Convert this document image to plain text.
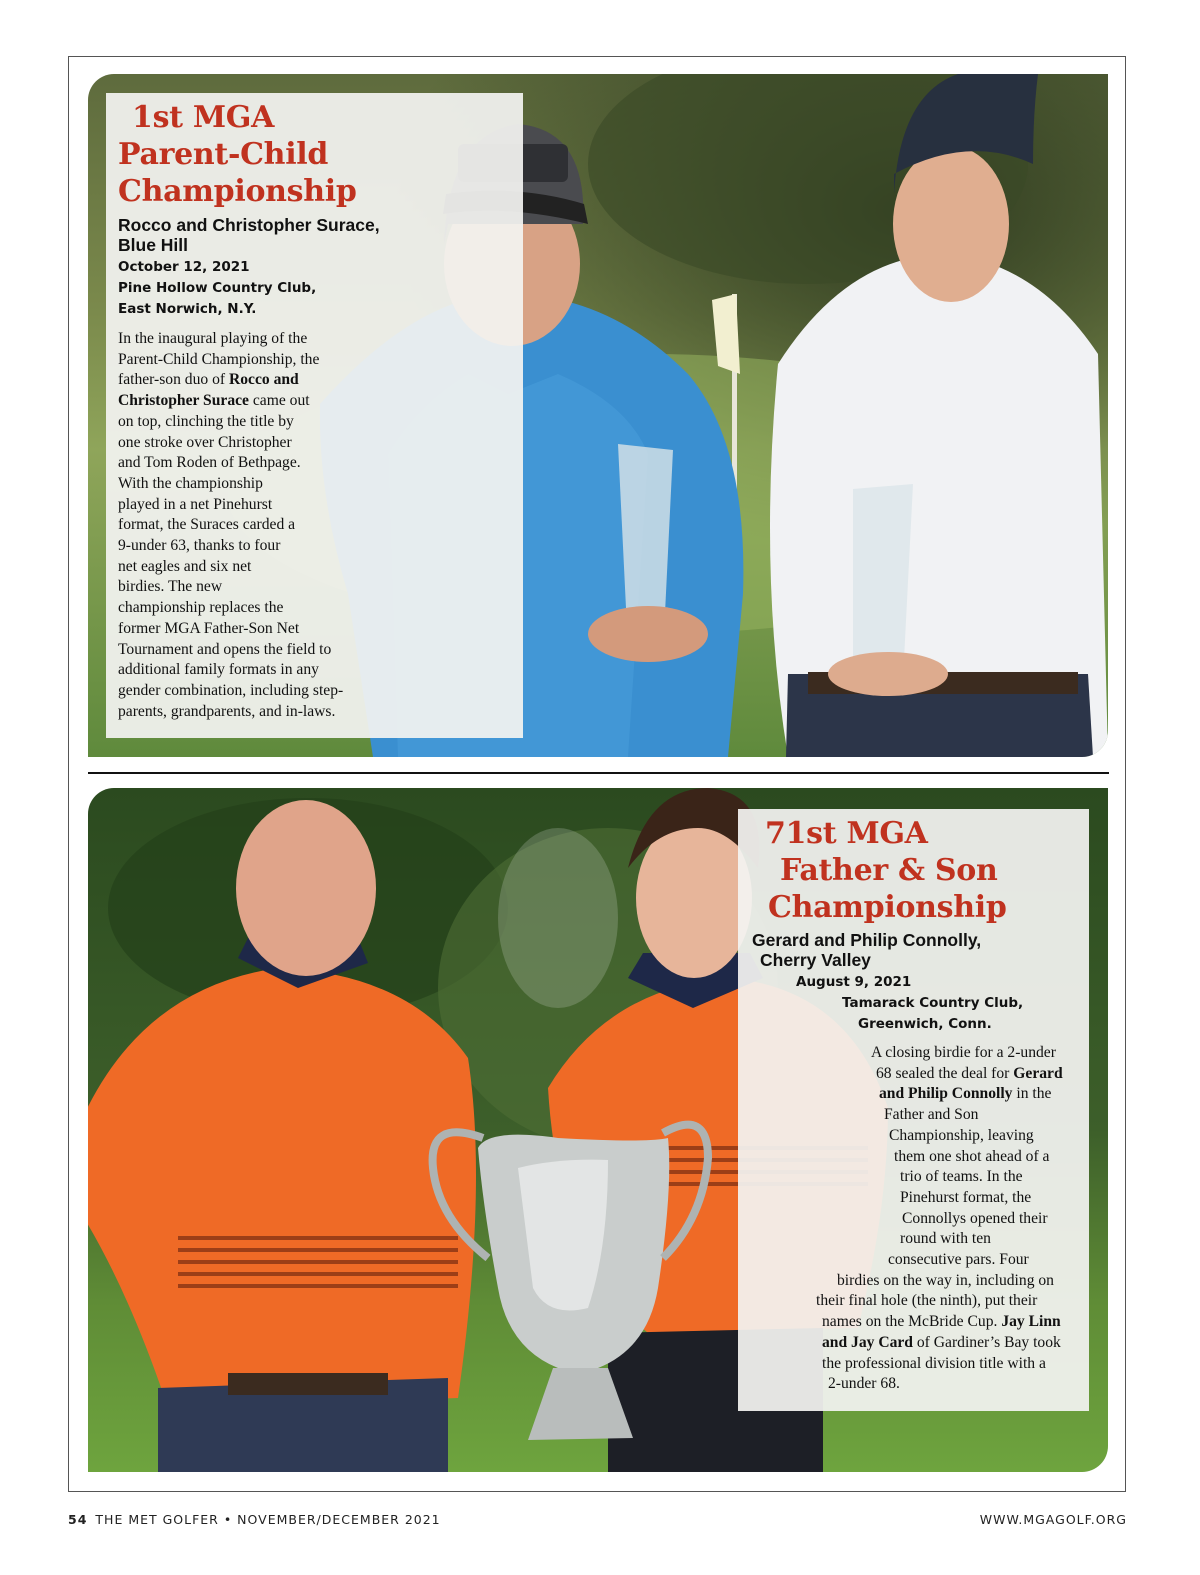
1st MGA
Parent-Child
Championship
Rocco and Christopher Surace,
Blue Hill
October 12, 2021
Pine Hollow Country Club,
East Norwich, N.Y.
In the inaugural playing of the
Parent-Child Championship, the
father-son duo of Rocco and
Christopher Surace came out
on top, clinching the title by
one stroke over Christopher
and Tom Roden of Bethpage.
With the championship
played in a net Pinehurst
format, the Suraces carded a
9-under 63, thanks to four
net eagles and six net
birdies. The new
championship replaces the
former MGA Father-Son Net
Tournament and opens the field to
additional family formats in any
gender combination, including step-
parents, grandparents, and in-laws.
71st MGA
Father & Son
Championship
Gerard and Philip Connolly,
Cherry Valley
August 9, 2021
Tamarack Country Club,
Greenwich, Conn.
A closing birdie for a 2-under
68 sealed the deal for Gerard
and Philip Connolly in the
Father and Son
Championship, leaving
them one shot ahead of a
trio of teams. In the
Pinehurst format, the
Connollys opened their
round with ten
consecutive pars. Four
birdies on the way in, including on
their final hole (the ninth), put their
names on the McBride Cup. Jay Linn
and Jay Card of Gardiner’s Bay took
the professional division title with a
2-under 68.
54 THE MET GOLFER • NOVEMBER/DECEMBER 2021	WWW.MGAGOLF.ORG
